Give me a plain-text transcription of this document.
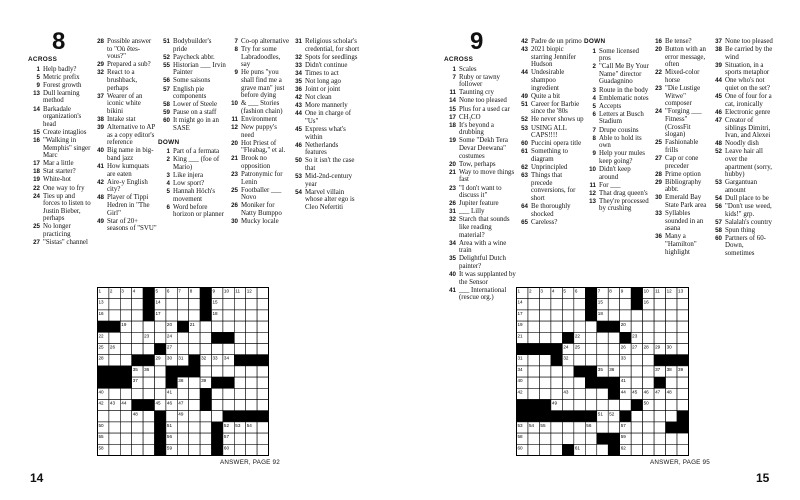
8
ACROSS
1 Help badly?
5 Metric prefix
9 Forest growth
13 Dull learning method
14 Barkadale organization's head
15 Create intaglios
16 "Walking in Memphis" singer Marc
17 Mar a little
18 Stat starter?
19 White-hot
22 One way to fry
24 Ties up and forces to listen to Justin Bieber, perhaps
25 No longer practicing
27 "Sistas" channel
28 Possible answer to "Où êtes-vous?"
29 Prepared a sub?
32 React to a brushback, perhaps
37 Wearer of an iconic white bikini
38 Intake stat
39 Alternative to AP as a copy editor's reference
40 Big name in big-band jazz
41 How kumquats are eaten
42 Aire-y English city?
48 Player of Tippi Hedren in "The Girl"
49 Star of 20+ seasons of "SVU"
51 Bodybuilder's pride
52 Paycheck abbr.
55 Historian ___ Irvin Painter
56 Some saisons
57 English pie components
58 Lower of Steele
59 Pause on a staff
60 It might go in an SASE
DOWN
1 Part of a fermata
2 King ___ (foe of Mario)
3 Like injera
4 Low sport?
5 Hannah Höch's movement
6 Word before horizon or planner
7 Co-op alternative
8 Try for some Labradoodles, say
9 He puns "you shall find me a grave man" just before dying
10 & ___ Stories (fashion chain)
11 Environment
12 New puppy's need
20 Hot Priest of "Fleabag," et al.
21 Brook no opposition
23 Patronymic for Lenin
25 Footballer ___ Novo
26 Moniker for Natty Bumppo
30 Mucky locale
31 Religious scholar's credential, for short
32 Spots for seedlings
33 Didn't continue
34 Times to act
35 Not long ago
36 Joint or joint
42 Not clean
43 More mannerly
44 One in charge of "Us"
45 Express what's within
46 Netherlands features
50 So it isn't the case that
53 Mid-2nd-century year
54 Marvel villain whose alter ego is Cleo Nefertiti
1 2 3 4	5 6 7 8	9 10 11 12
13	14	15
16	17	18
19	20	21
22	23	24
25 26	27
28	29 30 31	32 33 34
35 36
37	38	39
40	41
42 43 44	45 46 47
48	49
50	51	52 53 54
55	56	57
58	59	60
ANSWER, PAGE 92
14
9
ACROSS
1 Scales
7 Ruby or tawny follower
11 Taunting cry
14 None too pleased
15 Plus for a used car
17 CH₃CO
18 It's beyond a drubbing
19 Some "Dekh Tera Devar Deewana" costumes
20 Tow, perhaps
21 Way to move things fast
23 "I don't want to discuss it"
26 Jupiter feature
31 ___ Lilly
32 Starch that sounds like reading material?
34 Area with a wine train
35 Delightful Dutch painter?
40 It was supplanted by the Sensor
41 ___ International (rescue org.)
42 Padre de un primo
43 2021 biopic starring Jennifer Hudson
44 Undesirable shampoo ingredient
49 Quite a bit
51 Career for Barbie since the '80s
52 He never shows up
53 USING ALL CAPS!!!!
60 Puccini opera title
61 Something to diagram
62 Unprincipled
63 Things that precede conversions, for short
64 Be thoroughly shocked
65 Careless?
DOWN
1 Some licensed pros
2 "Call Me By Your Name" director Guadagnino
3 Route in the body
4 Emblematic notes
5 Accepts
6 Letters at Busch Stadium
7 Drupe cousins
8 Able to hold its own
9 Help your mules keep going?
10 Didn't keep around
11 For ___
12 That drag queen's
13 They're processed by crushing
16 Be tense?
20 Button with an error message, often
22 Mixed-color horse
23 "Die Lustige Witwe" composer
24 "Forging ___ Fitness" (CrossFit slogan)
25 Fashionable frills
27 Cap or cone preceder
28 Prime option
29 Bibliography abbr.
30 Emerald Bay State Park area
33 Syllables sounded in an asana
36 Many a "Hamilton" highlight
37 None too pleased
38 Be carried by the wind
39 Situation, in a sports metaphor
44 One who's not quiet on the set?
45 One of four for a cat, ironically
46 Electronic genre
47 Creator of siblings Dimitri, Ivan, and Alexei
48 Noodly dish
52 Leave hair all over the apartment (sorry, hubby)
53 Gargantuan amount
54 Dull place to be
56 "Don't use weed, kids!" grp.
57 Salalah's country
58 Spun thing
60 Partners of 60-Down, sometimes
1 2 3 4 5 6	7 8 9	10 11 12 13
14	15	16
17	18
19	20
21	22	23
24 25	26 27 28 29 30
31	32	33
34	35 36	37 38 39
40	41
42	43	44 45 46 47 48
49	50
51 52
53 54 55	56	57
58	59
60	61	62
ANSWER, PAGE 95
15
